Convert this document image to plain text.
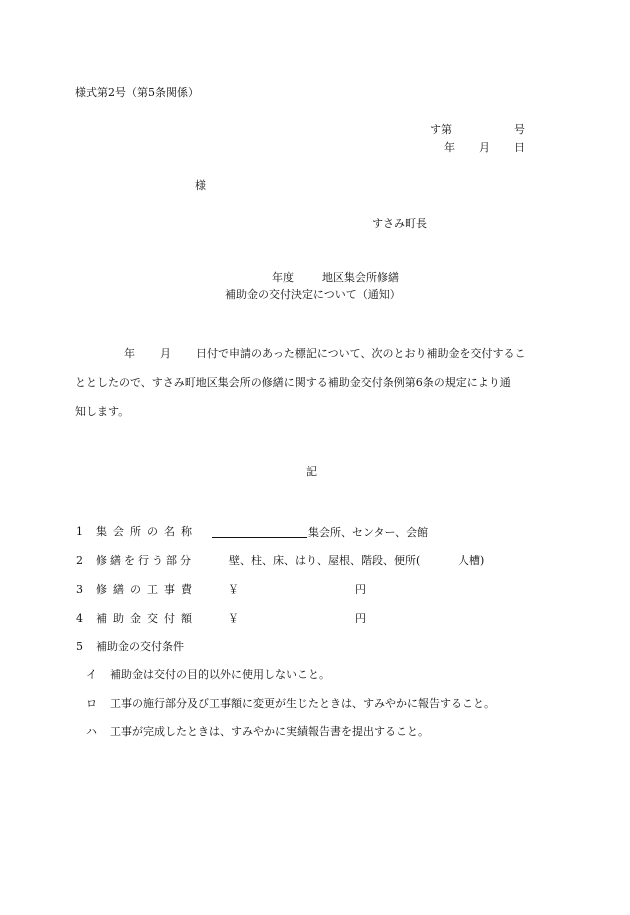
様式第2号（第5条関係）
す第	号
年 月 日
様
すさみ町長
年度	地区集会所修繕
補助金の交付決定について（通知）
年 月 日付で申請のあった標記について、次のとおり補助金を交付するこ
ととしたので、すさみ町地区集会所の修繕に関する補助金交付条例第6条の規定により通
知します。
記
1 集会所の名称	集会所、センター、会館
2 修繕を行う部分	壁、柱、床、はり、屋根、階段、便所(	人槽)
3 修繕の工事費	￥	円
4 補助金交付額	￥	円
5 補助金の交付条件
イ 補助金は交付の目的以外に使用しないこと。
ロ 工事の施行部分及び工事額に変更が生じたときは、すみやかに報告すること。
ハ 工事が完成したときは、すみやかに実績報告書を提出すること。
